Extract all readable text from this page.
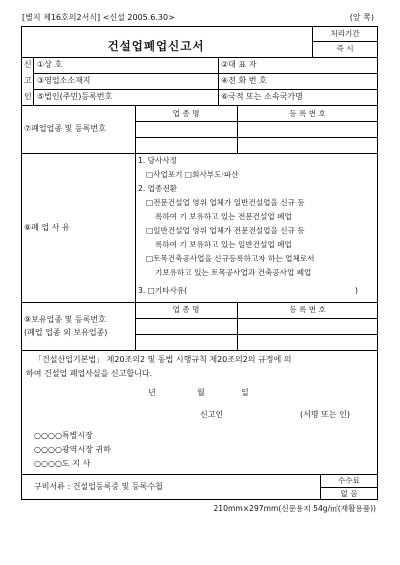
[별지 제16호의2서식] <신설 2005.6.30>	(앞 쪽)
건설업폐업신고서
처리기간
즉 시
신
고
인
①상 호	②대 표 자
③영업소소재지	④전 화 번 호
⑤법인(주민)등록번호	⑥국적 또는 소속국가명
업 종 명	등 록 번 호
⑦폐업업종 및 등록번호
⑧폐 업 사 유
1. 당사사정
□사업포기 □회사부도·파산
2. 업종전환
□전문건설업 영위 업체가 일반건설업을 신규 등
록하여 기 보유하고 있는 전문건설업 폐업
□일반건설업 영위 업체가 전문건설업을 신규 등
록하여 기 보유하고 있는 일반건설업 폐업
□토목건축공사업을 신규등록하고자 하는 업체로서
기보유하고 있는 토목공사업과 건축공사업 폐업
3. □기타사유(	)
업 종 명	등 록 번 호
⑨보유업종 및 등록번호
(폐업 업종 외 보유업종)
「건설산업기본법」 제20조의2 및 동법 시행규칙 제20조의2의 규정에 의
하여 건설업 폐업사실을 신고합니다.
년	월	일
신고인	(서명 또는 인)
○○○○특별시장
○○○○광역시장 귀하
○○○○도 지 사
구비서류 : 건설업등록증 및 등록수첩
수수료
없 음
210mm×297mm(신문용지 54g/㎡(재활용품))
